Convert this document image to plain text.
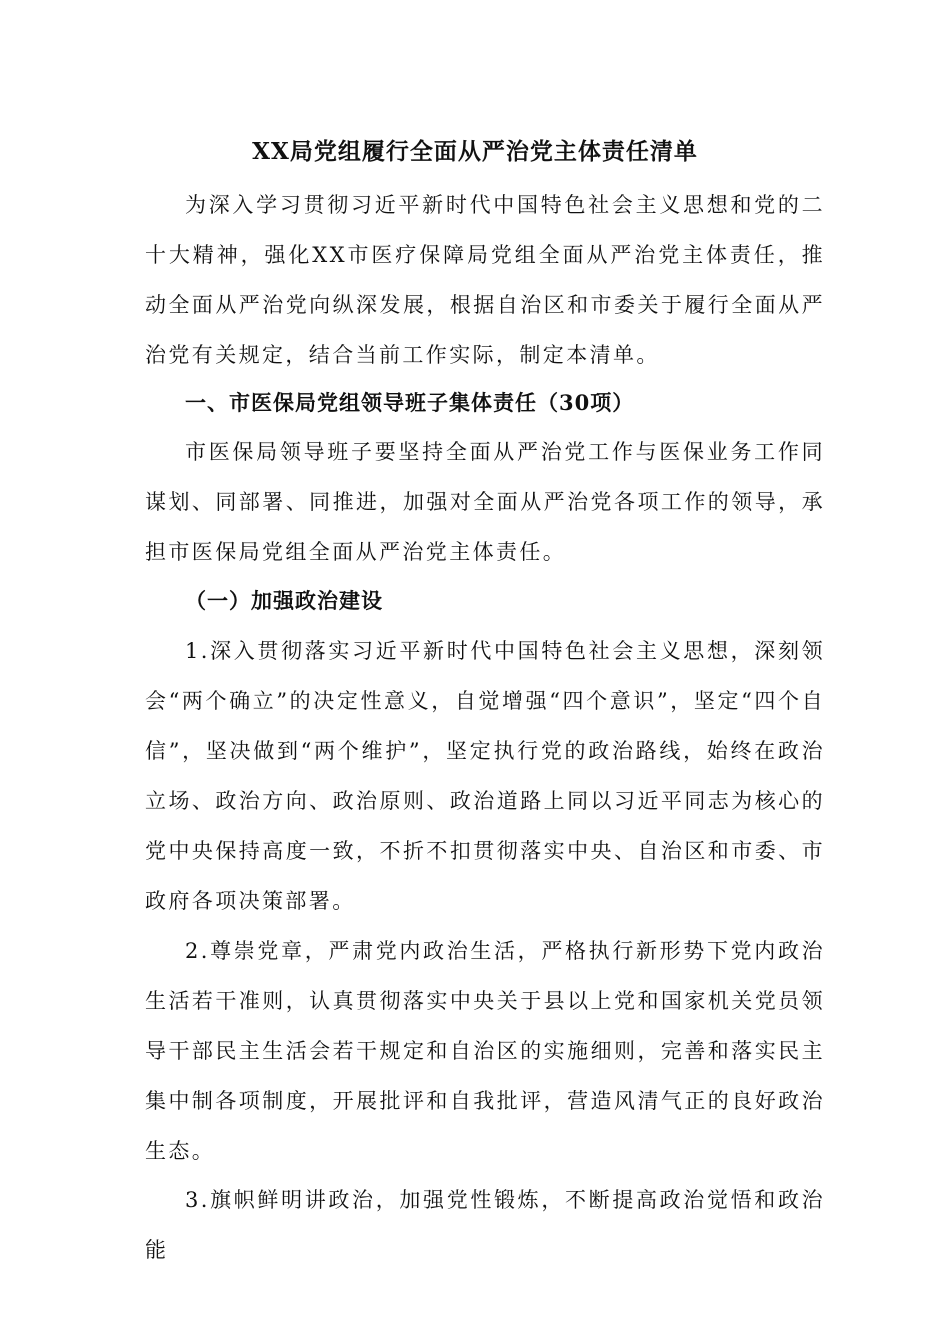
XX局党组履行全面从严治党主体责任清单

为深入学习贯彻习近平新时代中国特色社会主义思想和党的二十大精神，强化XX市医疗保障局党组全面从严治党主体责任，推动全面从严治党向纵深发展，根据自治区和市委关于履行全面从严治党有关规定，结合当前工作实际，制定本清单。

一、市医保局党组领导班子集体责任（30项）

市医保局领导班子要坚持全面从严治党工作与医保业务工作同谋划、同部署、同推进，加强对全面从严治党各项工作的领导，承担市医保局党组全面从严治党主体责任。

（一）加强政治建设

1.深入贯彻落实习近平新时代中国特色社会主义思想，深刻领会“两个确立”的决定性意义，自觉增强“四个意识”，坚定“四个自信”，坚决做到“两个维护”，坚定执行党的政治路线，始终在政治立场、政治方向、政治原则、政治道路上同以习近平同志为核心的党中央保持高度一致，不折不扣贯彻落实中央、自治区和市委、市政府各项决策部署。

2.尊崇党章，严肃党内政治生活，严格执行新形势下党内政治生活若干准则，认真贯彻落实中央关于县以上党和国家机关党员领导干部民主生活会若干规定和自治区的实施细则，完善和落实民主集中制各项制度，开展批评和自我批评，营造风清气正的良好政治生态。

3.旗帜鲜明讲政治，加强党性锻炼，不断提高政治觉悟和政治能
